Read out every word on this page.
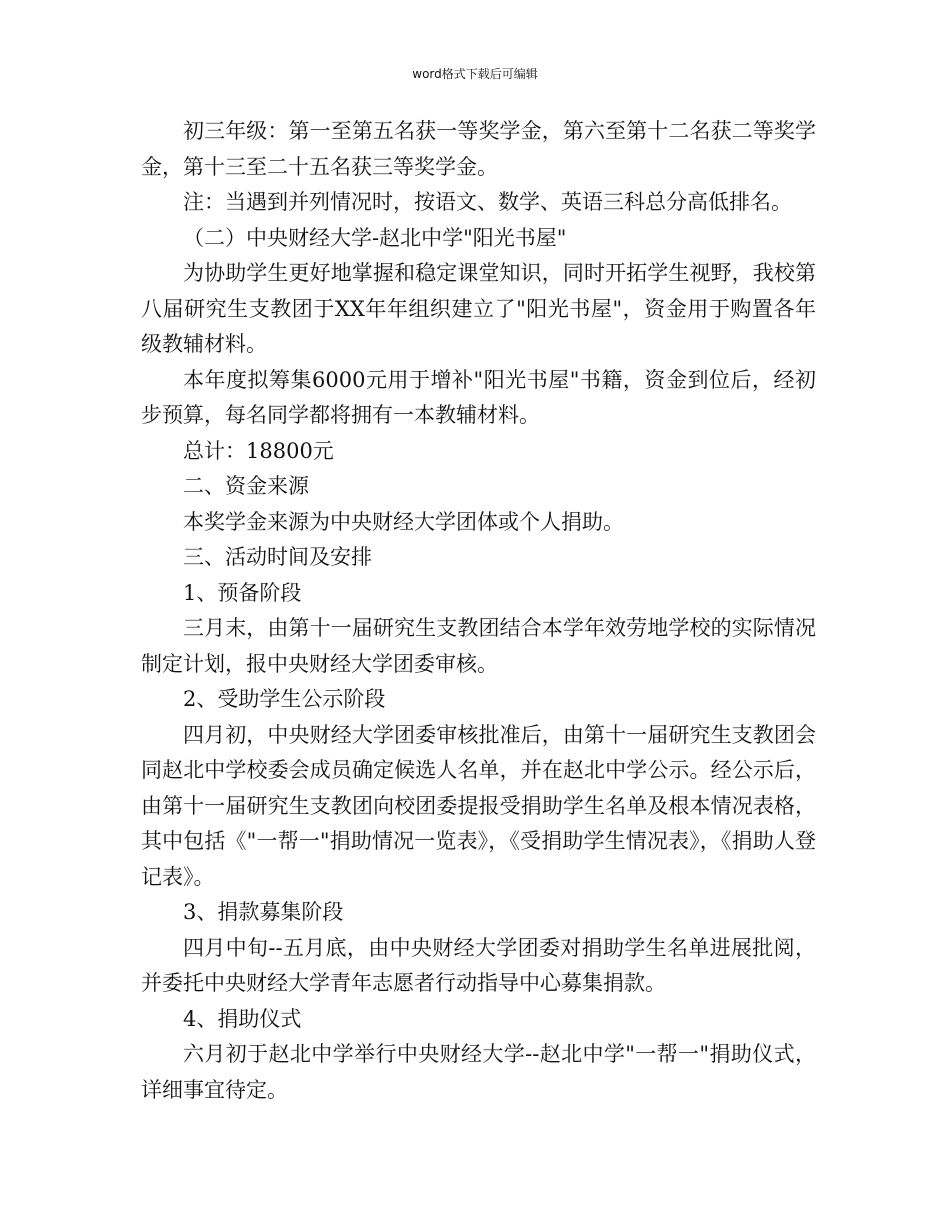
word格式下载后可编辑

初三年级：第一至第五名获一等奖学金，第六至第十二名获二等奖学金，第十三至二十五名获三等奖学金。

注：当遇到并列情况时，按语文、数学、英语三科总分高低排名。

（二）中央财经大学-赵北中学"阳光书屋"

为协助学生更好地掌握和稳定课堂知识，同时开拓学生视野，我校第八届研究生支教团于XX年年组织建立了"阳光书屋"，资金用于购置各年级教辅材料。

本年度拟筹集6000元用于增补"阳光书屋"书籍，资金到位后，经初步预算，每名同学都将拥有一本教辅材料。

总计：18800元

二、资金来源

本奖学金来源为中央财经大学团体或个人捐助。

三、活动时间及安排

1、预备阶段

三月末，由第十一届研究生支教团结合本学年效劳地学校的实际情况制定计划，报中央财经大学团委审核。

2、受助学生公示阶段

四月初，中央财经大学团委审核批准后，由第十一届研究生支教团会同赵北中学校委会成员确定候选人名单，并在赵北中学公示。经公示后，由第十一届研究生支教团向校团委提报受捐助学生名单及根本情况表格，其中包括《"一帮一"捐助情况一览表》，《受捐助学生情况表》，《捐助人登记表》。

3、捐款募集阶段

四月中旬--五月底，由中央财经大学团委对捐助学生名单进展批阅，并委托中央财经大学青年志愿者行动指导中心募集捐款。

4、捐助仪式

六月初于赵北中学举行中央财经大学--赵北中学"一帮一"捐助仪式，详细事宜待定。
